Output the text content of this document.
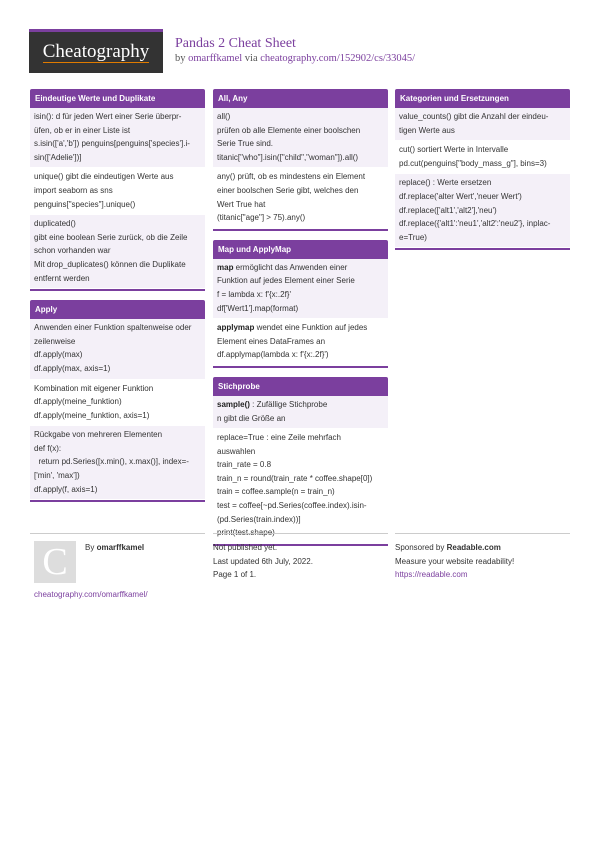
Cheatography Pandas 2 Cheat Sheet
by omarffkamel via cheatography.com/152902/cs/33045/
Eindeutige Werte und Duplikate
isin(): d für jeden Wert einer Serie überpr-
üfen, ob er in einer Liste ist
s.isin(['a','b']) penguins[penguins['species'].i-
sin(['Adelie'])]
unique() gibt die eindeutigen Werte aus
import seaborn as sns
penguins["species"].unique()
duplicated()
gibt eine boolean Serie zurück, ob die Zeile
schon vorhanden war
Mit drop_duplicates() können die Duplikate
entfernt werden
Apply
Anwenden einer Funktion spaltenweise oder
zeilenweise
df.apply(max)
df.apply(max, axis=1)
Kombination mit eigener Funktion
df.apply(meine_funktion)
df.apply(meine_funktion, axis=1)
Rückgabe von mehreren Elementen
def f(x):
return pd.Series([x.min(), x.max()], index=-
['min', 'max'])
df.apply(f, axis=1)
All, Any
all()
prüfen ob alle Elemente einer boolschen
Serie True sind.
titanic["who"].isin(["child","woman"]).all()
any() prüft, ob es mindestens ein Element
einer boolschen Serie gibt, welches den
Wert True hat
(titanic["age"] > 75).any()
Map und ApplyMap
map ermöglicht das Anwenden einer
Funktion auf jedes Element einer Serie
f = lambda x: f'{x:.2f}'
df['Wert1'].map(format)
applymap wendet eine Funktion auf jedes
Element eines DataFrames an
df.applymap(lambda x: f'{x:.2f}')
Stichprobe
sample() : Zufällige Stichprobe
n gibt die Größe an
replace=True : eine Zeile mehrfach
auswahlen
train_rate = 0.8
train_n = round(train_rate * coffee.shape[0])
train = coffee.sample(n = train_n)
test = coffee[~pd.Series(coffee.index).isin-
(pd.Series(train.index))]
print(test.shape)
Kategorien und Ersetzungen
value_counts() gibt die Anzahl der eindeu-
tigen Werte aus
cut() sortiert Werte in Intervalle
pd.cut(penguins["body_mass_g"], bins=3)
replace() : Werte ersetzen
df.replace('alter Wert','neuer Wert')
df.replace(['alt1','alt2'],'neu')
df.replace({'alt1':'neu1','alt2':'neu2'}, inplac-
e=True)
C	By omarffkamel
cheatography.com/omarffkamel/
Not published yet.
Last updated 6th July, 2022.
Page 1 of 1.
Sponsored by Readable.com
Measure your website readability!
https://readable.com
